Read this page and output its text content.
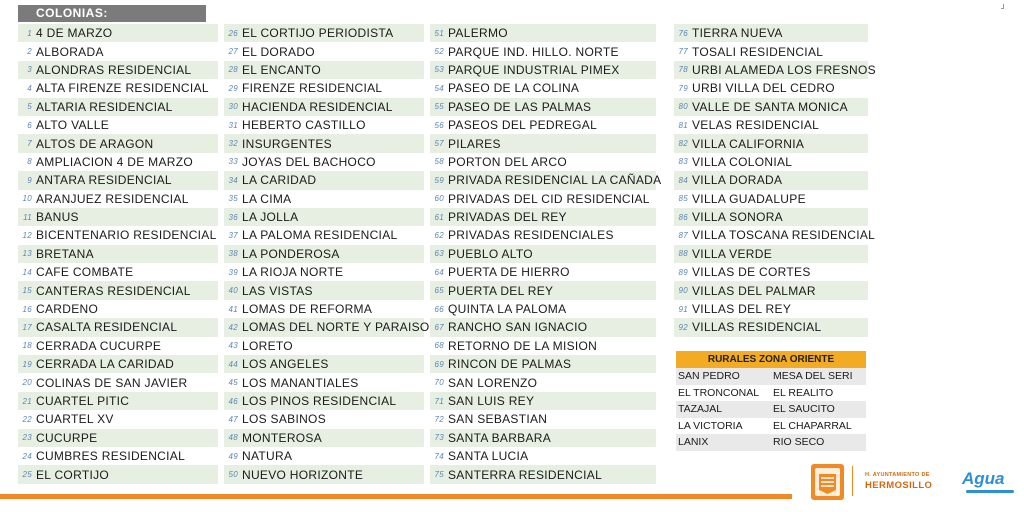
COLONIAS:
1 4 DE MARZO
2 ALBORADA
3 ALONDRAS RESIDENCIAL
4 ALTA FIRENZE RESIDENCIAL
5 ALTARIA RESIDENCIAL
6 ALTO VALLE
7 ALTOS DE ARAGON
8 AMPLIACION 4 DE MARZO
9 ANTARA RESIDENCIAL
10 ARANJUEZ RESIDENCIAL
11 BANUS
12 BICENTENARIO RESIDENCIAL
13 BRETANA
14 CAFE COMBATE
15 CANTERAS RESIDENCIAL
16 CARDENO
17 CASALTA RESIDENCIAL
18 CERRADA CUCURPE
19 CERRADA LA CARIDAD
20 COLINAS DE SAN JAVIER
21 CUARTEL PITIC
22 CUARTEL XV
23 CUCURPE
24 CUMBRES RESIDENCIAL
25 EL CORTIJO
26 EL CORTIJO PERIODISTA
27 EL DORADO
28 EL ENCANTO
29 FIRENZE RESIDENCIAL
30 HACIENDA RESIDENCIAL
31 HEBERTO CASTILLO
32 INSURGENTES
33 JOYAS DEL BACHOCO
34 LA CARIDAD
35 LA CIMA
36 LA JOLLA
37 LA PALOMA RESIDENCIAL
38 LA PONDEROSA
39 LA RIOJA NORTE
40 LAS VISTAS
41 LOMAS DE REFORMA
42 LOMAS DEL NORTE Y PARAISO
43 LORETO
44 LOS ANGELES
45 LOS MANANTIALES
46 LOS PINOS RESIDENCIAL
47 LOS SABINOS
48 MONTEROSA
49 NATURA
50 NUEVO HORIZONTE
51 PALERMO
52 PARQUE IND. HILLO. NORTE
53 PARQUE INDUSTRIAL PIMEX
54 PASEO DE LA COLINA
55 PASEO DE LAS PALMAS
56 PASEOS DEL PEDREGAL
57 PILARES
58 PORTON DEL ARCO
59 PRIVADA RESIDENCIAL LA CAÑADA
60 PRIVADAS DEL CID RESIDENCIAL
61 PRIVADAS DEL REY
62 PRIVADAS RESIDENCIALES
63 PUEBLO ALTO
64 PUERTA DE HIERRO
65 PUERTA DEL REY
66 QUINTA LA PALOMA
67 RANCHO SAN IGNACIO
68 RETORNO DE LA MISION
69 RINCON DE PALMAS
70 SAN LORENZO
71 SAN LUIS REY
72 SAN SEBASTIAN
73 SANTA BARBARA
74 SANTA LUCIA
75 SANTERRA RESIDENCIAL
76 TIERRA NUEVA
77 TOSALI RESIDENCIAL
78 URBI ALAMEDA LOS FRESNOS
79 URBI VILLA DEL CEDRO
80 VALLE DE SANTA MONICA
81 VELAS RESIDENCIAL
82 VILLA CALIFORNIA
83 VILLA COLONIAL
84 VILLA DORADA
85 VILLA GUADALUPE
86 VILLA SONORA
87 VILLA TOSCANA RESIDENCIAL
88 VILLA VERDE
89 VILLAS DE CORTES
90 VILLAS DEL PALMAR
91 VILLAS DEL REY
92 VILLAS RESIDENCIAL
RURALES ZONA ORIENTE
SAN PEDRO	MESA DEL SERI
EL TRONCONAL	EL REALITO
TAZAJAL	EL SAUCITO
LA VICTORIA	EL CHAPARRAL
LANIX	RIO SECO
H. AYUNTAMIENTO DE
HERMOSILLO Agua
